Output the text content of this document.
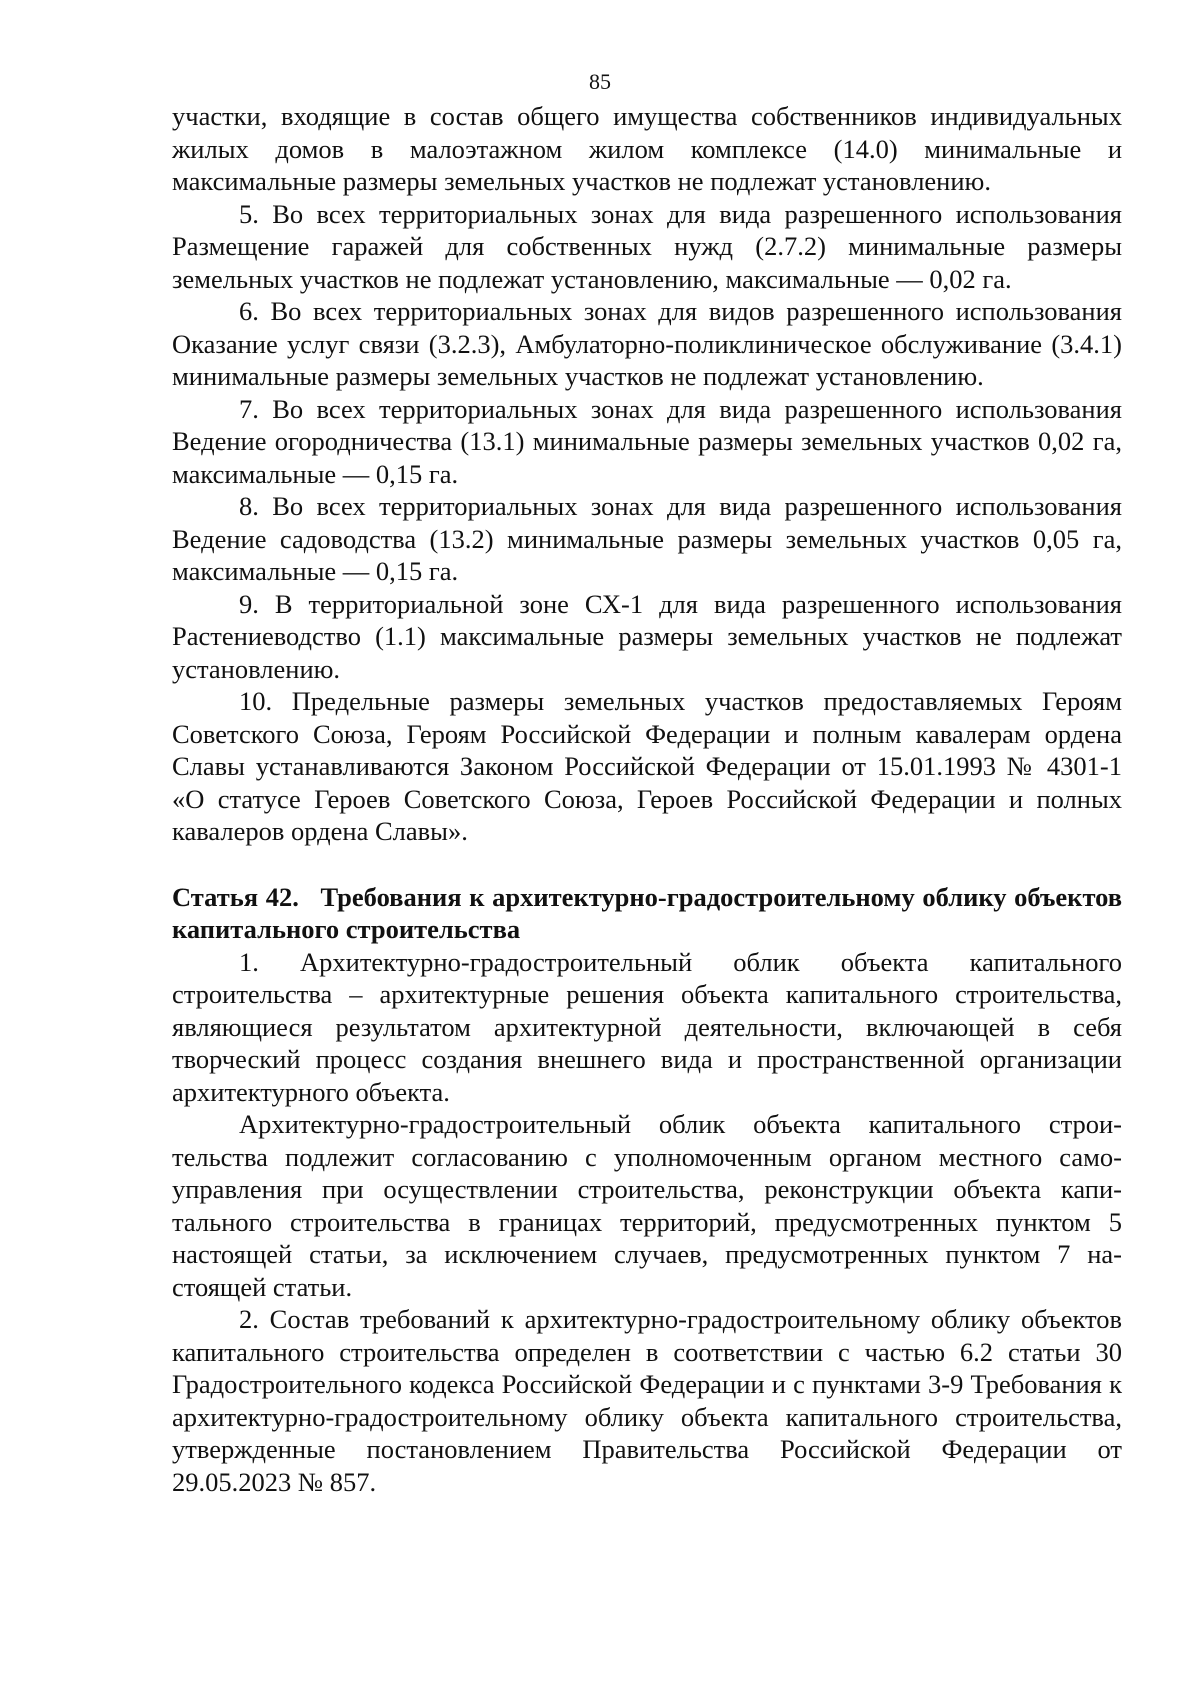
85

участки, входящие в состав общего имущества собственников индивидуальных жилых домов в малоэтажном жилом комплексе (14.0) минимальные и максимальные размеры земельных участков не подлежат установлению.

5. Во всех территориальных зонах для вида разрешенного использования Размещение гаражей для собственных нужд (2.7.2) минимальные размеры земельных участков не подлежат установлению, максимальные — 0,02 га.

6. Во всех территориальных зонах для видов разрешенного использования Оказание услуг связи (3.2.3), Амбулаторно-поликлиническое обслуживание (3.4.1) минимальные размеры земельных участков не подлежат установлению.

7. Во всех территориальных зонах для вида разрешенного использования Ведение огородничества (13.1) минимальные размеры земельных участков 0,02 га, максимальные — 0,15 га.

8. Во всех территориальных зонах для вида разрешенного использования Ведение садоводства (13.2) минимальные размеры земельных участков 0,05 га, максимальные — 0,15 га.

9. В территориальной зоне СХ-1 для вида разрешенного использования Растениеводство (1.1) максимальные размеры земельных участков не подлежат установлению.

10. Предельные размеры земельных участков предоставляемых Героям Советского Союза, Героям Российской Федерации и полным кавалерам ордена Славы устанавливаются Законом Российской Федерации от 15.01.1993 № 4301-1 «О статусе Героев Советского Союза, Героев Российской Федерации и полных кавалеров ордена Славы».

Статья 42. Требования к архитектурно-градостроительному облику объектов капитального строительства

1. Архитектурно-градостроительный облик объекта капитального строительства – архитектурные решения объекта капитального строительства, являющиеся результатом архитектурной деятельности, включающей в себя творческий процесс создания внешнего вида и пространственной организации архитектурного объекта.

Архитектурно-градостроительный облик объекта капитального строительства подлежит согласованию с уполномоченным органом местного самоуправления при осуществлении строительства, реконструкции объекта капитального строительства в границах территорий, предусмотренных пунктом 5 настоящей статьи, за исключением случаев, предусмотренных пунктом 7 настоящей статьи.

2. Состав требований к архитектурно-градостроительному облику объектов капитального строительства определен в соответствии с частью 6.2 статьи 30 Градостроительного кодекса Российской Федерации и с пунктами 3-9 Требования к архитектурно-градостроительному облику объекта капитального строительства, утвержденные постановлением Правительства Российской Федерации от 29.05.2023 № 857.
